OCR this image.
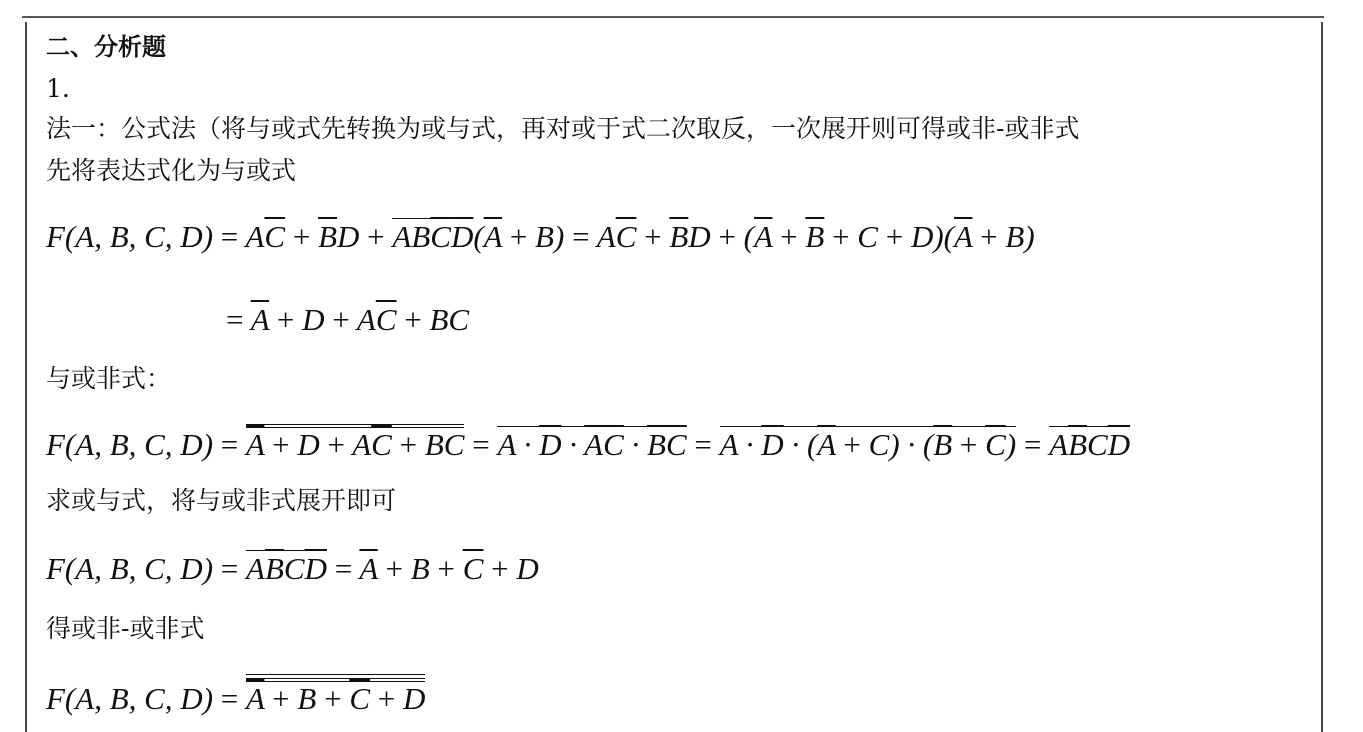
二、分析题
1.
法一：公式法（将与或式先转换为或与式，再对或于式二次取反，一次展开则可得或非-或非式
先将表达式化为与或式
F(A, B, C, $D) = A\overline{C} + \overline{B}D + AB\overline{C}\overline{D}(\overline{A} + B) = A\overline{C} + \overline{B}D + (\overline{A} + \overline{B} + C + D)(\overline{A} + B)$
= $\overline{A} + D + A\overline{C}$ + BC
与或非式：
F(A, B, C, $D) = \overline{A} + D + A\overline{C}$ + BC = $A \cdot \overline{D}$ · AC · $\overline{BC} = A \cdot \overline{D} \cdot (\overline{A} + C) \cdot (\overline{B} + \overline{C}) = A\overline{B}C\overline{D}$
求或与式，将与或非式展开即可
F(A, B, C, $D) = A\overline{B}C\overline{D} = \overline{A} + B + \overline{C} + D$
得或非-或非式
F(A, B, C, $D) = \overline{A} + B + \overline{C} + D$
